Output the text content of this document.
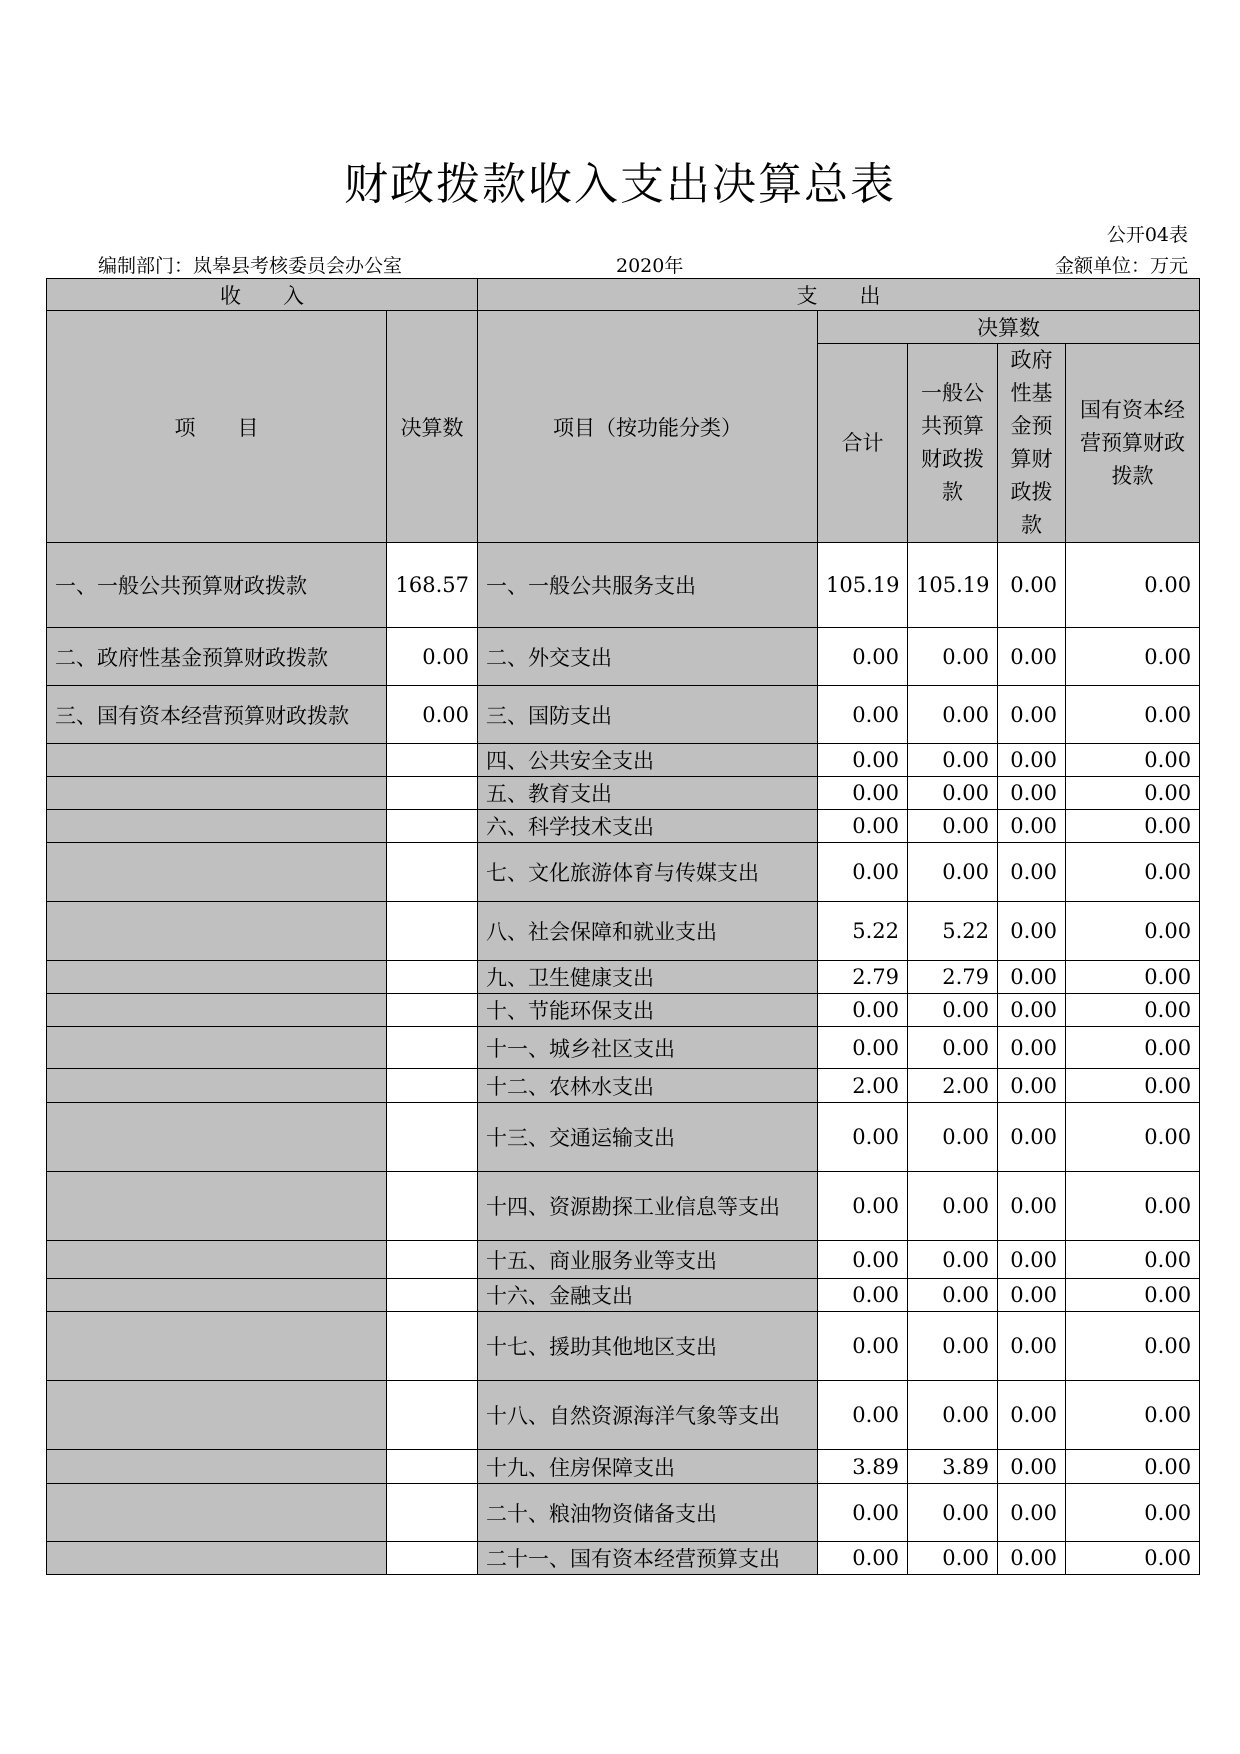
财政拨款收入支出决算总表
公开04表
编制部门：岚皋县考核委员会办公室	2020年	金额单位：万元
收　　入		支　　出				
项　　目	决算数	项目（按功能分类）	决算数			
			合计	一般公共预算财政拨款	政府性基金预算财政拨款	国有资本经营预算财政拨款
一、一般公共预算财政拨款	168.57	一、一般公共服务支出	105.19	105.19	0.00	0.00
二、政府性基金预算财政拨款	0.00	二、外交支出	0.00	0.00	0.00	0.00
三、国有资本经营预算财政拨款	0.00	三、国防支出	0.00	0.00	0.00	0.00
		四、公共安全支出	0.00	0.00	0.00	0.00
		五、教育支出	0.00	0.00	0.00	0.00
		六、科学技术支出	0.00	0.00	0.00	0.00
		七、文化旅游体育与传媒支出	0.00	0.00	0.00	0.00
		八、社会保障和就业支出	5.22	5.22	0.00	0.00
		九、卫生健康支出	2.79	2.79	0.00	0.00
		十、节能环保支出	0.00	0.00	0.00	0.00
		十一、城乡社区支出	0.00	0.00	0.00	0.00
		十二、农林水支出	2.00	2.00	0.00	0.00
		十三、交通运输支出	0.00	0.00	0.00	0.00
		十四、资源勘探工业信息等支出	0.00	0.00	0.00	0.00
		十五、商业服务业等支出	0.00	0.00	0.00	0.00
		十六、金融支出	0.00	0.00	0.00	0.00
		十七、援助其他地区支出	0.00	0.00	0.00	0.00
		十八、自然资源海洋气象等支出	0.00	0.00	0.00	0.00
		十九、住房保障支出	3.89	3.89	0.00	0.00
		二十、粮油物资储备支出	0.00	0.00	0.00	0.00
		二十一、国有资本经营预算支出	0.00	0.00	0.00	0.00
